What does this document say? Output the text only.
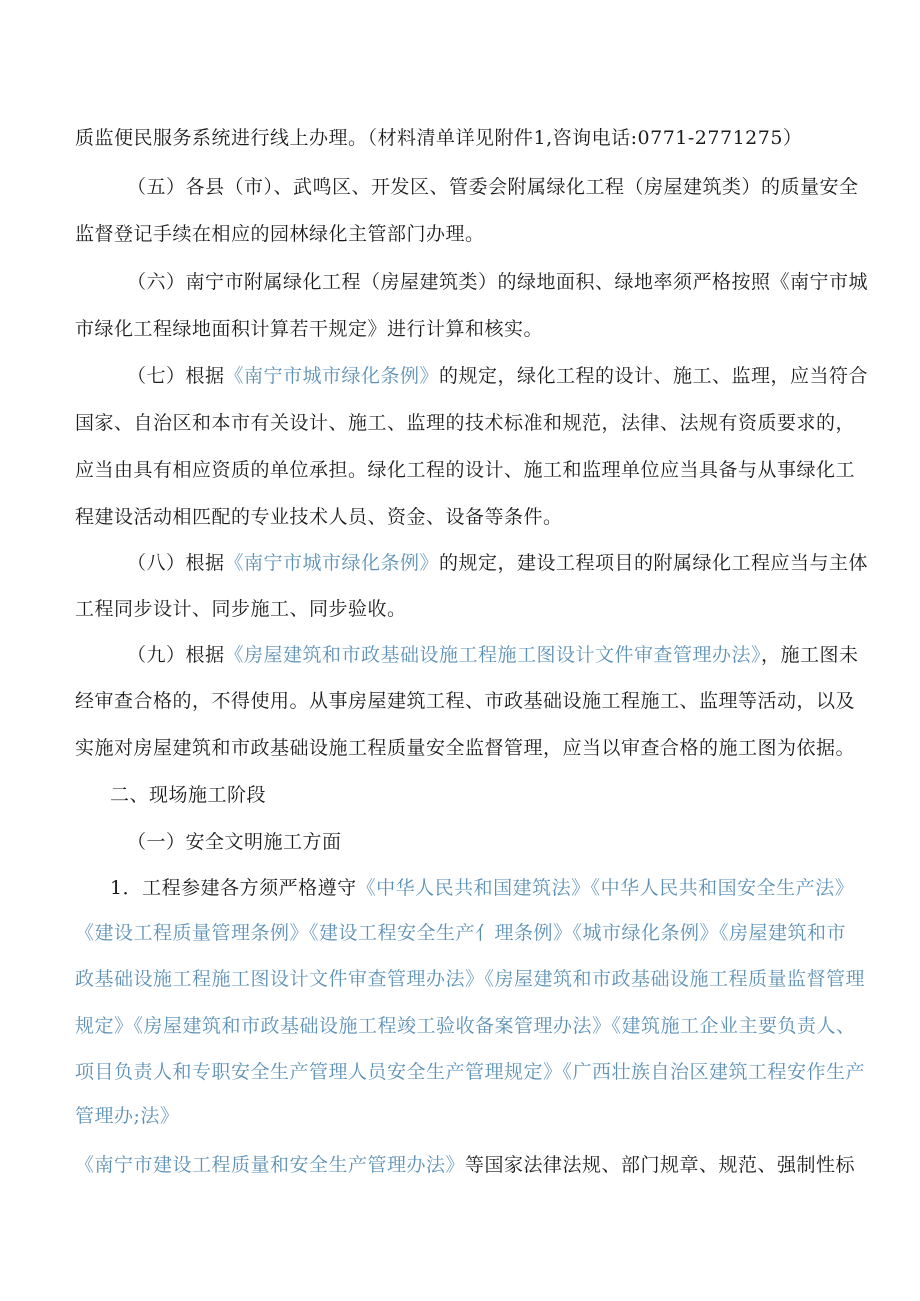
质监便民服务系统进行线上办理。（材料清单详见附件1,咨询电话:0771-2771275）
（五）各县（市）、武鸣区、开发区、管委会附属绿化工程（房屋建筑类）的质量安全
监督登记手续在相应的园林绿化主管部门办理。
（六）南宁市附属绿化工程（房屋建筑类）的绿地面积、绿地率须严格按照《南宁市城
市绿化工程绿地面积计算若干规定》进行计算和核实。
（七）根据《南宁市城市绿化条例》的规定，绿化工程的设计、施工、监理，应当符合
国家、自治区和本市有关设计、施工、监理的技术标准和规范，法律、法规有资质要求的，
应当由具有相应资质的单位承担。绿化工程的设计、施工和监理单位应当具备与从事绿化工
程建设活动相匹配的专业技术人员、资金、设备等条件。
（八）根据《南宁市城市绿化条例》的规定，建设工程项目的附属绿化工程应当与主体
工程同步设计、同步施工、同步验收。
（九）根据《房屋建筑和市政基础设施工程施工图设计文件审查管理办法》，施工图未
经审查合格的，不得使用。从事房屋建筑工程、市政基础设施工程施工、监理等活动，以及
实施对房屋建筑和市政基础设施工程质量安全监督管理，应当以审查合格的施工图为依据。
二、现场施工阶段
（一）安全文明施工方面
1．工程参建各方须严格遵守《中华人民共和国建筑法》《中华人民共和国安全生产法》
《建设工程质量管理条例》《建设工程安全生产亻理条例》《城市绿化条例》《房屋建筑和市
政基础设施工程施工图设计文件审查管理办法》《房屋建筑和市政基础设施工程质量监督管理
规定》《房屋建筑和市政基础设施工程竣工验收备案管理办法》《建筑施工企业主要负责人、
项目负责人和专职安全生产管理人员安全生产管理规定》《广西壮族自治区建筑工程安作生产
管理办;法》
《南宁市建设工程质量和安全生产管理办法》等国家法律法规、部门规章、规范、强制性标
